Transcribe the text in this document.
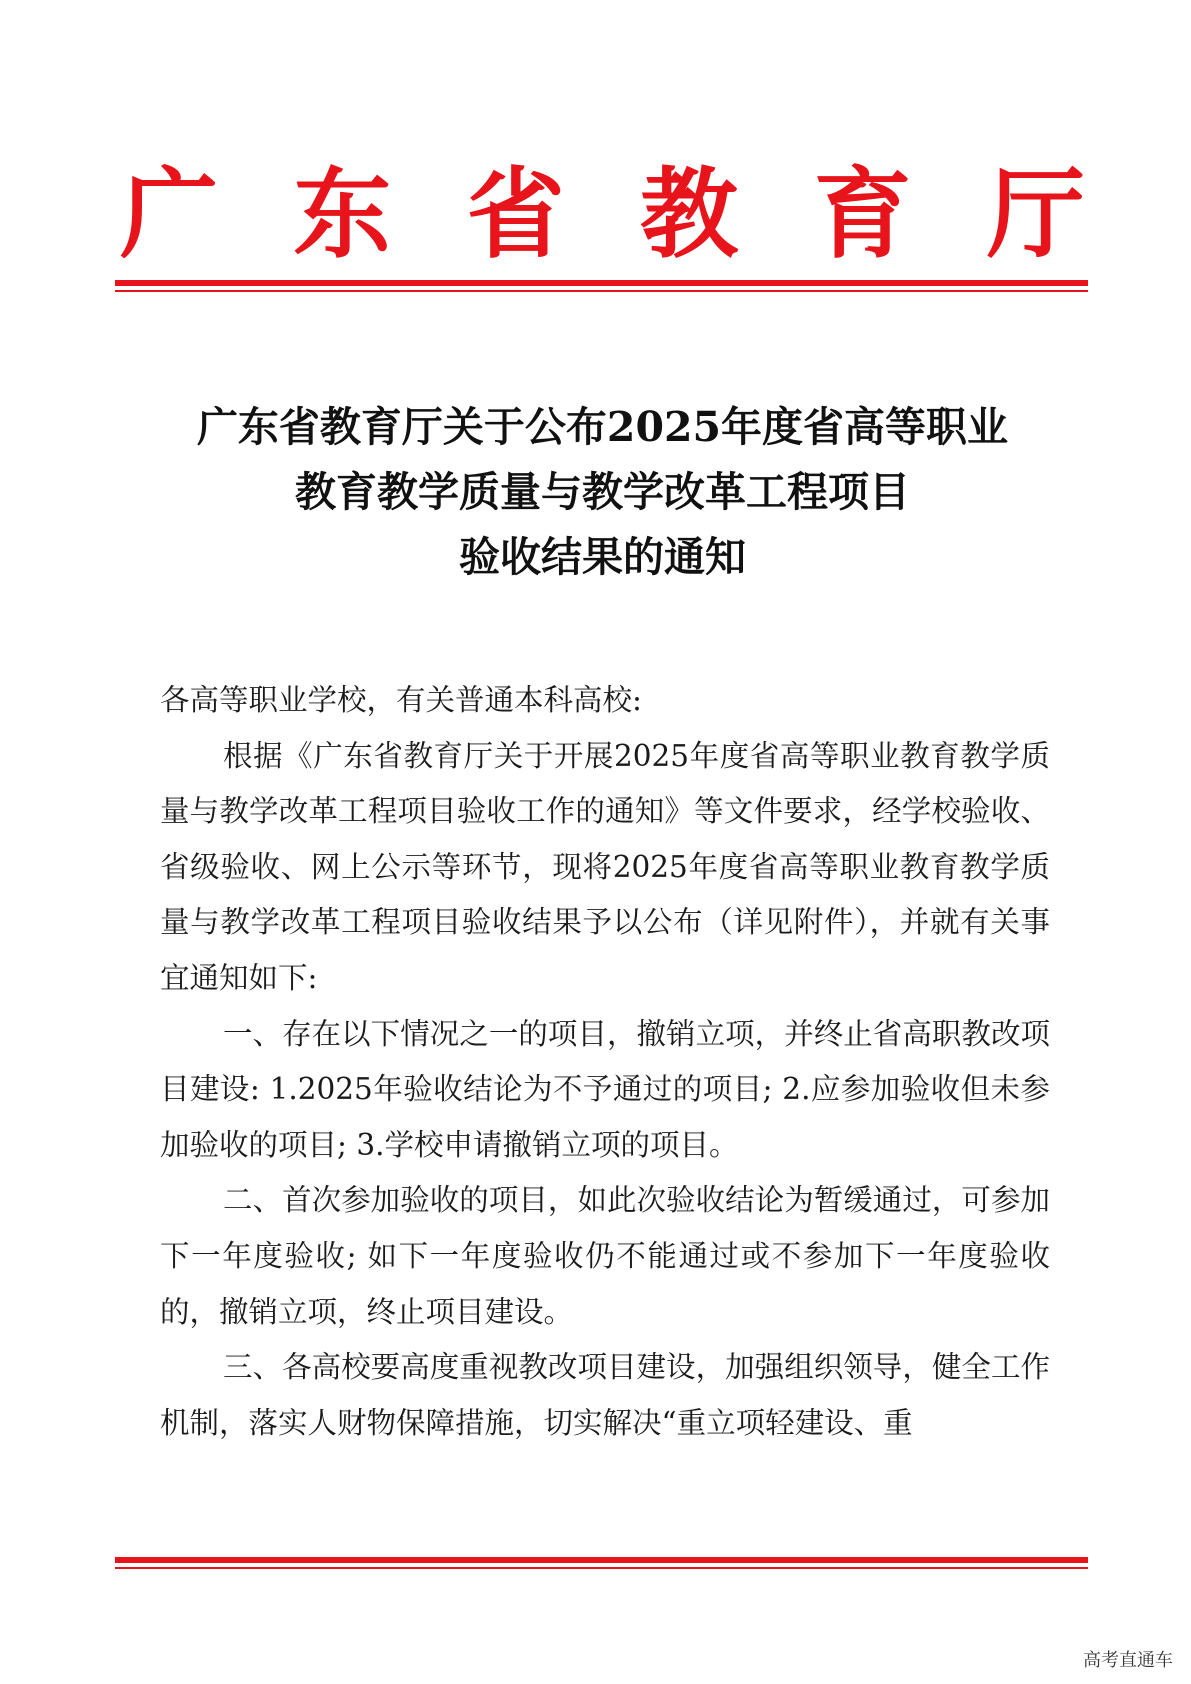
广 东 省 教 育 厅
广东省教育厅关于公布2025年度省高等职业
教育教学质量与教学改革工程项目
验收结果的通知

各高等职业学校，有关普通本科高校:

根据《广东省教育厅关于开展2025年度省高等职业教育教学质量与教学改革工程项目验收工作的通知》等文件要求，经学校验收、省级验收、网上公示等环节，现将2025年度省高等职业教育教学质量与教学改革工程项目验收结果予以公布（详见附件），并就有关事宜通知如下:

一、存在以下情况之一的项目，撤销立项，并终止省高职教改项目建设: 1.2025年验收结论为不予通过的项目; 2.应参加验收但未参加验收的项目; 3.学校申请撤销立项的项目。

二、首次参加验收的项目，如此次验收结论为暂缓通过，可参加下一年度验收; 如下一年度验收仍不能通过或不参加下一年度验收的，撤销立项，终止项目建设。

三、各高校要高度重视教改项目建设，加强组织领导，健全工作机制，落实人财物保障措施，切实解决“重立项轻建设、重

高考直通车
